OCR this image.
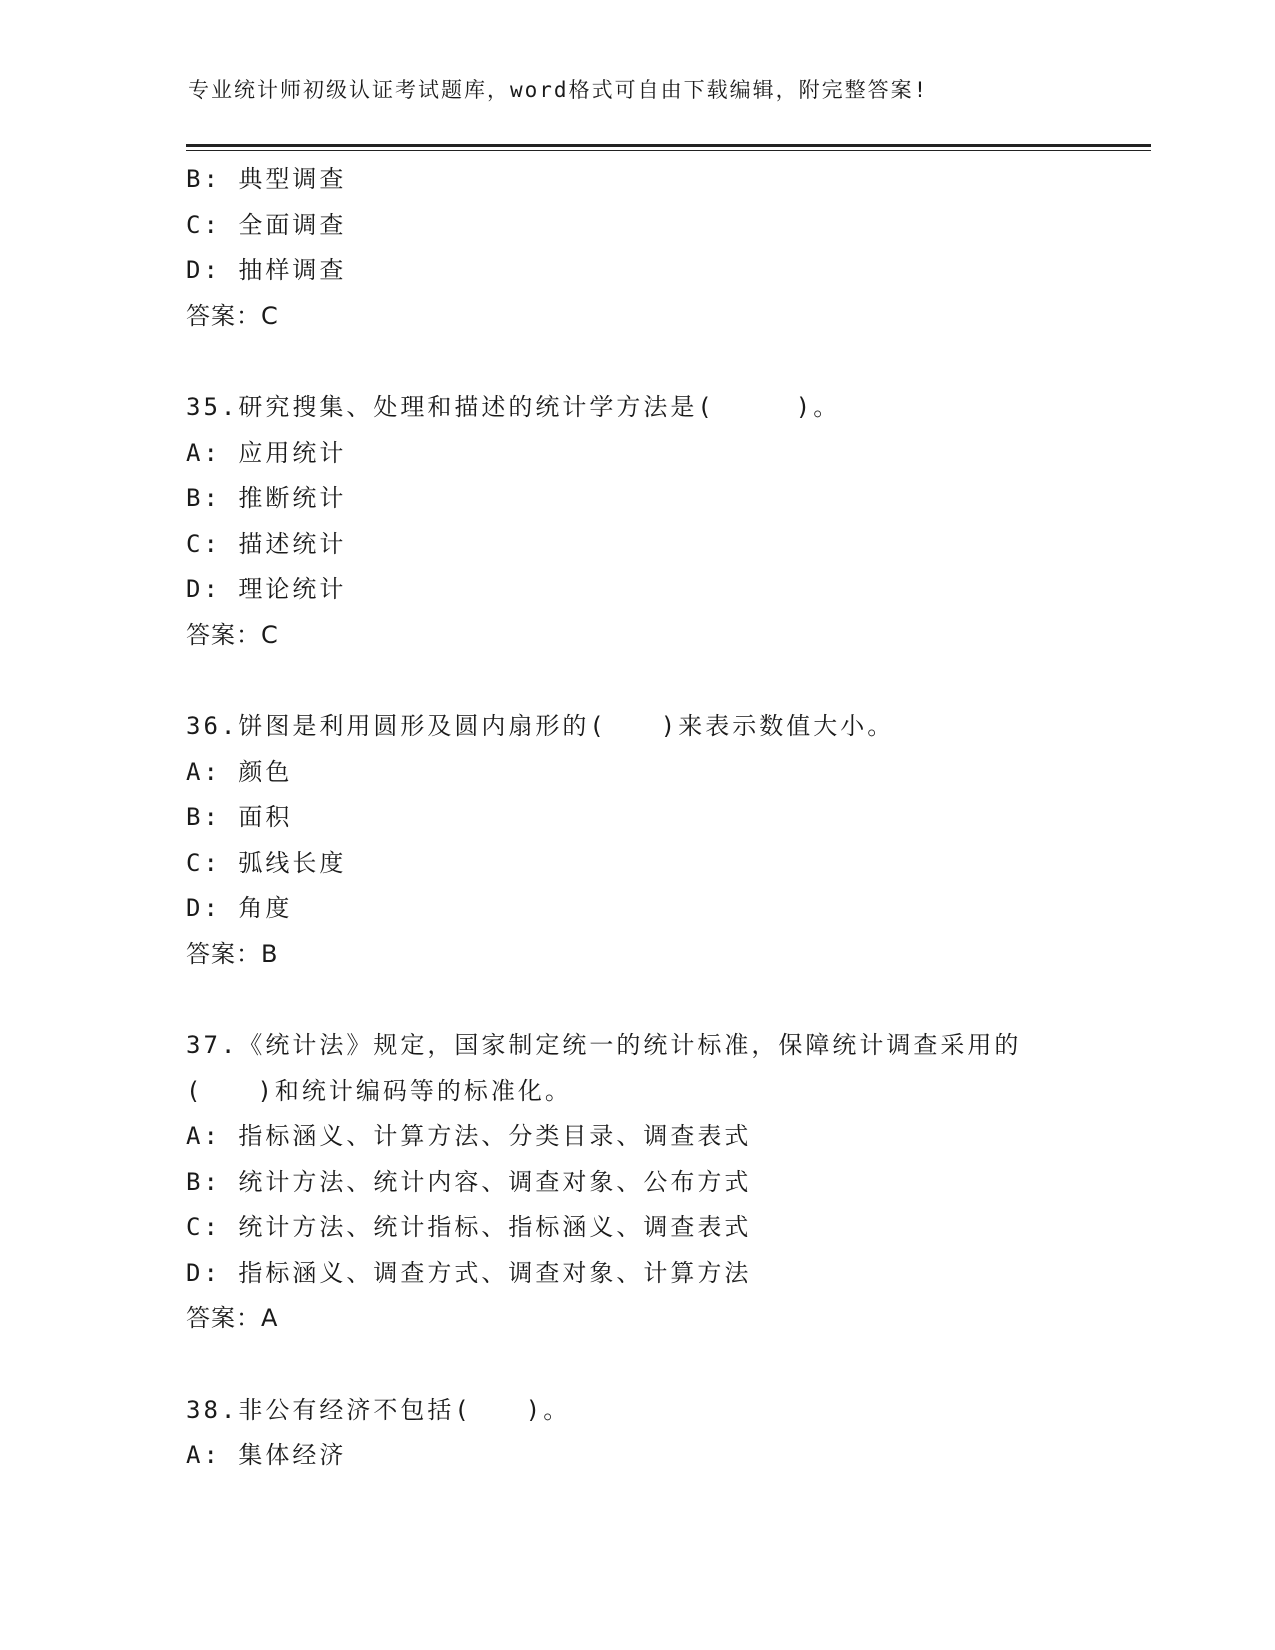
专业统计师初级认证考试题库，word格式可自由下载编辑，附完整答案!
B: 典型调查
C: 全面调查
D: 抽样调查
答案：C
35.研究搜集、处理和描述的统计学方法是(　　　)。
A: 应用统计
B: 推断统计
C: 描述统计
D: 理论统计
答案：C
36.饼图是利用圆形及圆内扇形的(　　)来表示数值大小。
A: 颜色
B: 面积
C: 弧线长度
D: 角度
答案：B
37.《统计法》规定，国家制定统一的统计标准，保障统计调查采用的
(　　)和统计编码等的标准化。
A: 指标涵义、计算方法、分类目录、调查表式
B: 统计方法、统计内容、调查对象、公布方式
C: 统计方法、统计指标、指标涵义、调查表式
D: 指标涵义、调查方式、调查对象、计算方法
答案：A
38.非公有经济不包括(　　)。
A: 集体经济
